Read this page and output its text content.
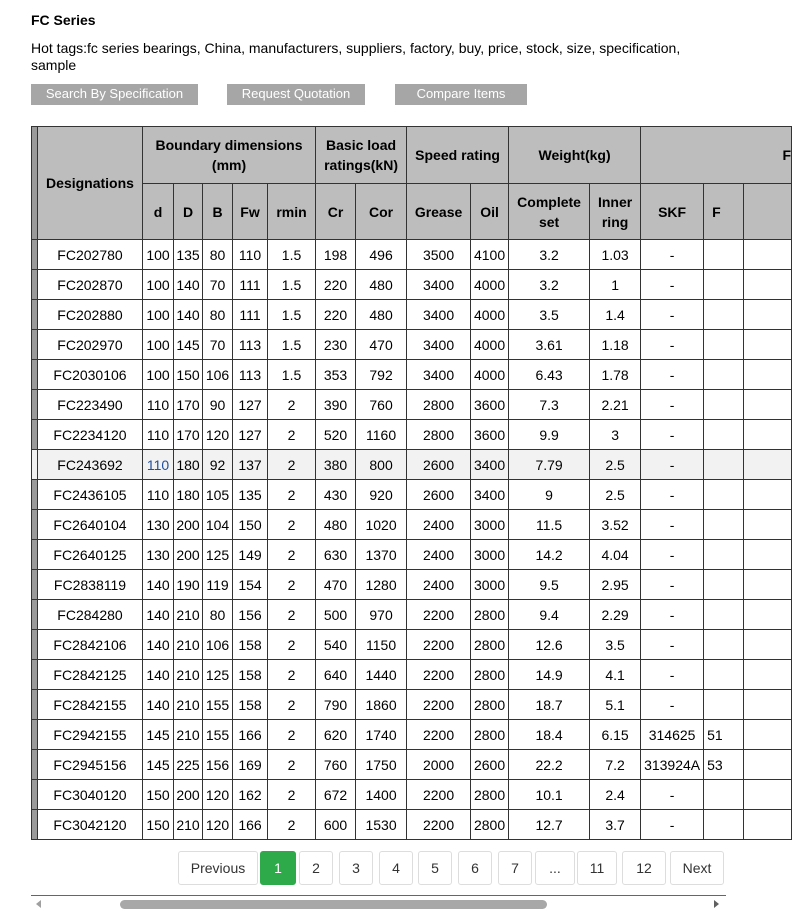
FC Series
Hot tags:fc series bearings, China, manufacturers, suppliers, factory, buy, price, stock, size, specification, sample
Search By Specification	Request Quotation	Compare Items
	Designations	Boundary dimensions (mm)					Basic load ratings(kN)		Speed rating		Weight(kg)		F		
		d	D	B	Fw	rmin	Cr	Cor	Grease	Oil	Complete set	Inner ring	SKF	F	
	FC202780	100	135	80	110	1.5	198	496	3500	4100	3.2	1.03	-		
	FC202870	100	140	70	111	1.5	220	480	3400	4000	3.2	1	-		
	FC202880	100	140	80	111	1.5	220	480	3400	4000	3.5	1.4	-		
	FC202970	100	145	70	113	1.5	230	470	3400	4000	3.61	1.18	-		
	FC2030106	100	150	106	113	1.5	353	792	3400	4000	6.43	1.78	-		
	FC223490	110	170	90	127	2	390	760	2800	3600	7.3	2.21	-		
	FC2234120	110	170	120	127	2	520	1160	2800	3600	9.9	3	-		
	FC243692	110	180	92	137	2	380	800	2600	3400	7.79	2.5	-		
	FC2436105	110	180	105	135	2	430	920	2600	3400	9	2.5	-		
	FC2640104	130	200	104	150	2	480	1020	2400	3000	11.5	3.52	-		
	FC2640125	130	200	125	149	2	630	1370	2400	3000	14.2	4.04	-		
	FC2838119	140	190	119	154	2	470	1280	2400	3000	9.5	2.95	-		
	FC284280	140	210	80	156	2	500	970	2200	2800	9.4	2.29	-		
	FC2842106	140	210	106	158	2	540	1150	2200	2800	12.6	3.5	-		
	FC2842125	140	210	125	158	2	640	1440	2200	2800	14.9	4.1	-		
	FC2842155	140	210	155	158	2	790	1860	2200	2800	18.7	5.1	-		
	FC2942155	145	210	155	166	2	620	1740	2200	2800	18.4	6.15	314625	51	
	FC2945156	145	225	156	169	2	760	1750	2000	2600	22.2	7.2	313924A	53	
	FC3040120	150	200	120	162	2	672	1400	2200	2800	10.1	2.4	-		
	FC3042120	150	210	120	166	2	600	1530	2200	2800	12.7	3.7	-		
Previous	1	2	3	4	5	6	7	...	11	12	Next
